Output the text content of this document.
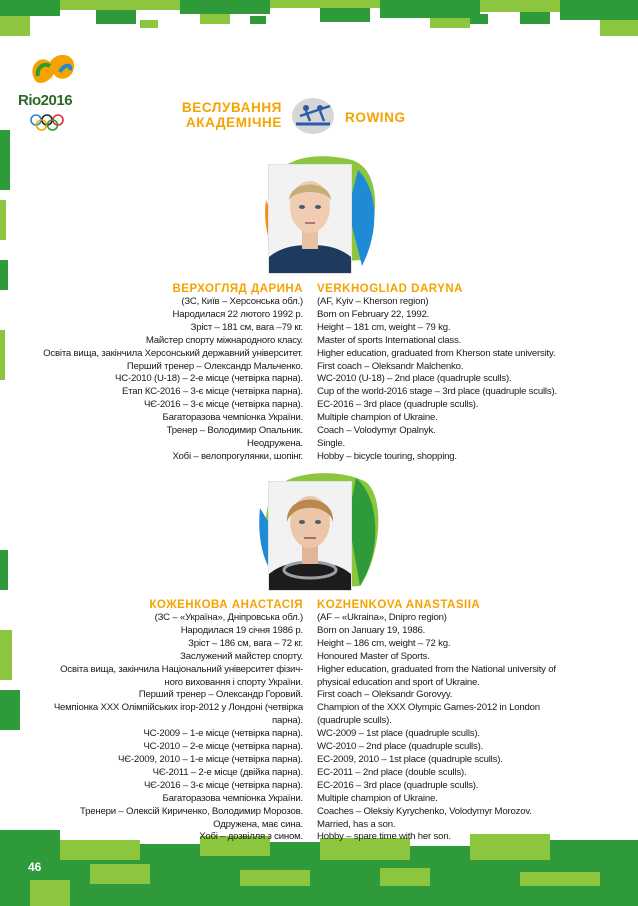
Rio2016	ВЕСЛУВАННЯ
АКАДЕМІЧНЕ	ROWING
ВЕРХОГЛЯД ДАРИНА VERKHOGLIAD DARYNA
(ЗС, Київ – Херсонська обл.)
Народилася 22 лютого 1992 р.
Зріст – 181 см, вага –79 кг.
Майстер спорту міжнародного класу.
Освіта вища, закінчила Херсонський державний університет.
Перший тренер – Олександр Мальченко.
ЧС-2010 (U-18) – 2-е місце (четвірка парна).
Етап КС-2016 – 3-є місце (четвірка парна).
ЧЄ-2016 – 3-є місце (четвірка парна).
Багаторазова чемпіонка України.
Тренер – Володимир Опальник.
Неодружена.
Хобі – велопрогулянки, шопінг.
(AF, Kyiv – Kherson region)
Born on February 22, 1992.
Height – 181 cm, weight – 79 kg.
Master of sports International class.
Higher education, graduated from Kherson state university.
First coach – Oleksandr Malchenko.
WC-2010 (U-18) – 2nd place (quadruple sculls).
Cup of the world-2016 stage – 3rd place (quadruple sculls).
EC-2016 – 3rd place (quadruple sculls).
Multiple champion of Ukraine.
Coach – Volodymyr Opalnyk.
Single.
Hobby – bicycle touring, shopping.
КОЖЕНКОВА АНАСТАСІЯ KOZHENKOVA ANASTASIIA
(ЗС – «Україна», Дніпровська обл.)
Народилася 19 січня 1986 р.
Зріст – 186 см, вага – 72 кг.
Заслужений майстер спорту.
Освіта вища, закінчила Національний університет фізич-
ного виховання і спорту України.
Перший тренер – Олександр Горовий.
Чемпіонка XXX Олімпійських ігор-2012 у Лондоні (четвірка
парна).
ЧС-2009 – 1-е місце (четвірка парна).
ЧС-2010 – 2-е місце (четвірка парна).
ЧЄ-2009, 2010 – 1-е місце (четвірка парна).
ЧЄ-2011 – 2-е місце (двійка парна).
ЧЄ-2016 – 3-є місце (четвірка парна).
Багаторазова чемпіонка України.
Тренери – Олексій Кириченко, Володимир Морозов.
Одружена, має сина.
Хобі – дозвілля з сином.
(AF – «Ukraina», Dnipro region)
Born on January 19, 1986.
Height – 186 cm, weight – 72 kg.
Honoured Master of Sports.
Higher education, graduated from the National university of
physical education and sport of Ukraine.
First coach – Oleksandr Gorovyy.
Champion of the XXX Olympic Games-2012 in London
(quadruple sculls).
WC-2009 – 1st place (quadruple sculls).
WC-2010 – 2nd place (quadruple sculls).
EC-2009, 2010 – 1st place (quadruple sculls).
EC-2011 – 2nd place (double sculls).
EC-2016 – 3rd place (quadruple sculls).
Multiple champion of Ukraine.
Coaches – Oleksiy Kyrychenko, Volodymyr Morozov.
Married, has a son.
Hobby – spare time with her son.
46
